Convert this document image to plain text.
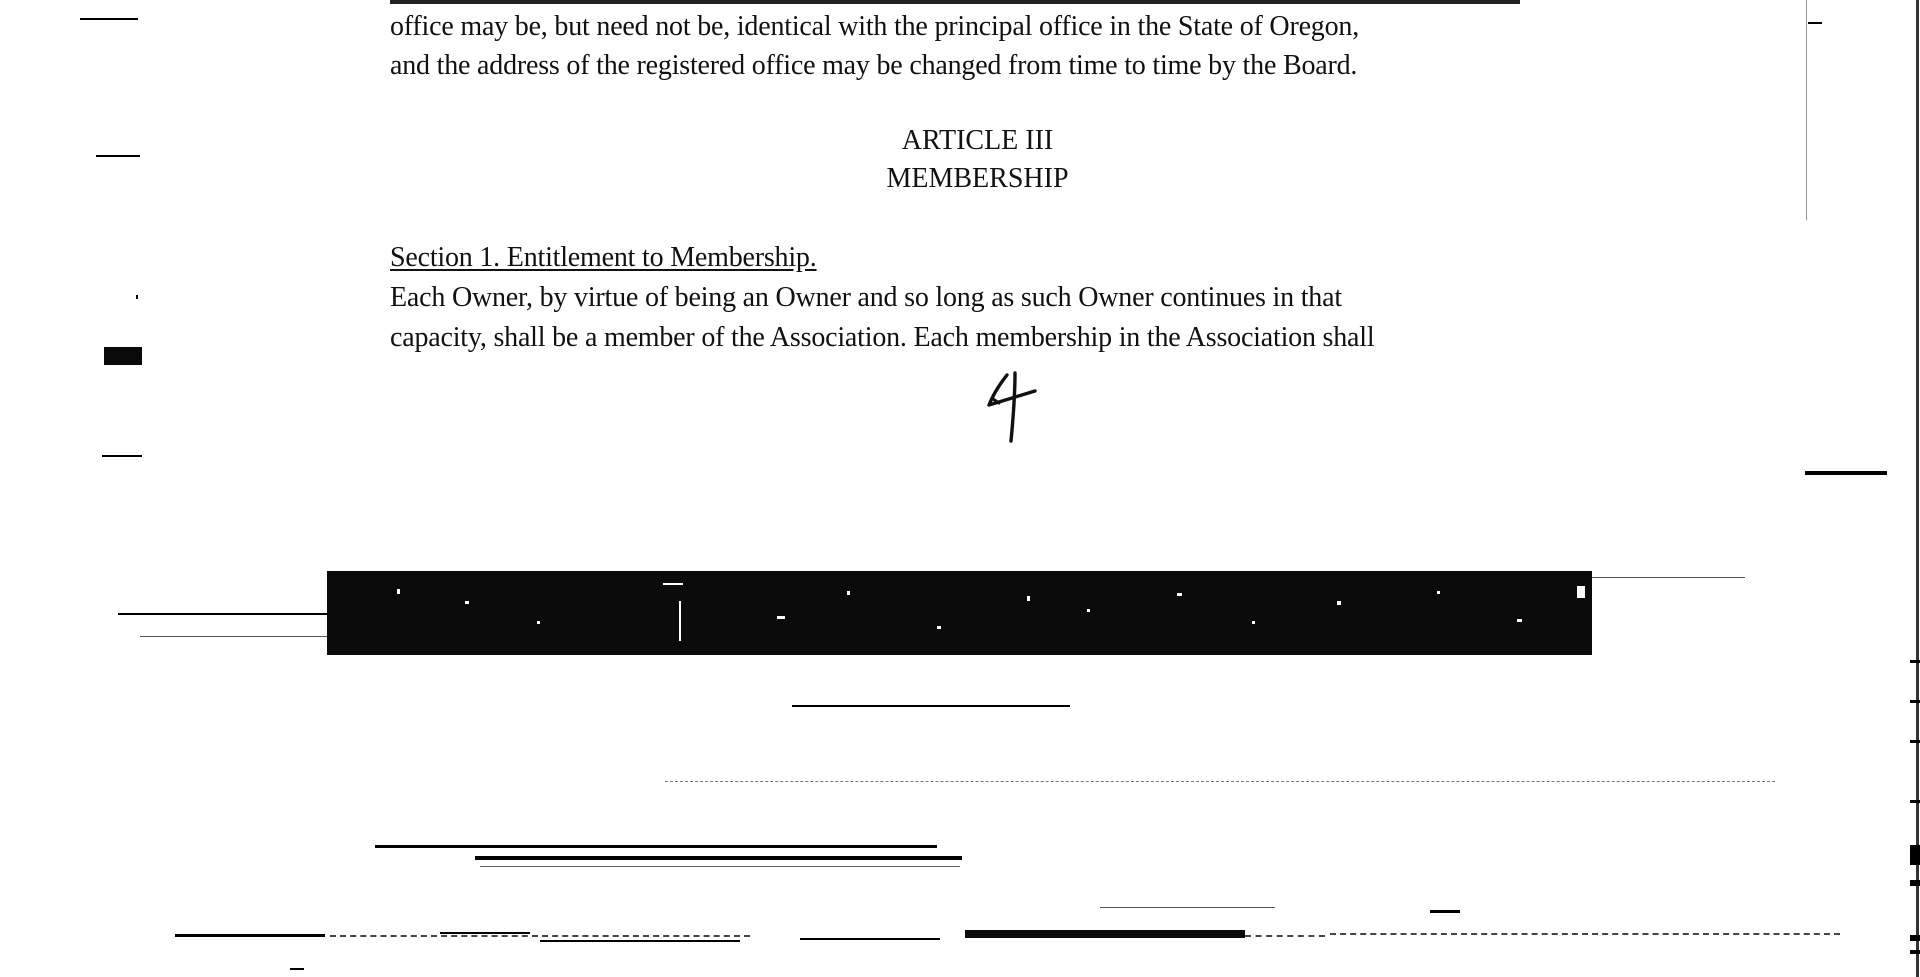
office may be, but need not be, identical with the principal office in the State of Oregon,
and the address of the registered office may be changed from time to time by the Board.
ARTICLE III
MEMBERSHIP
Section 1. Entitlement to Membership.
Each Owner, by virtue of being an Owner and so long as such Owner continues in that
capacity, shall be a member of the Association. Each membership in the Association shall
